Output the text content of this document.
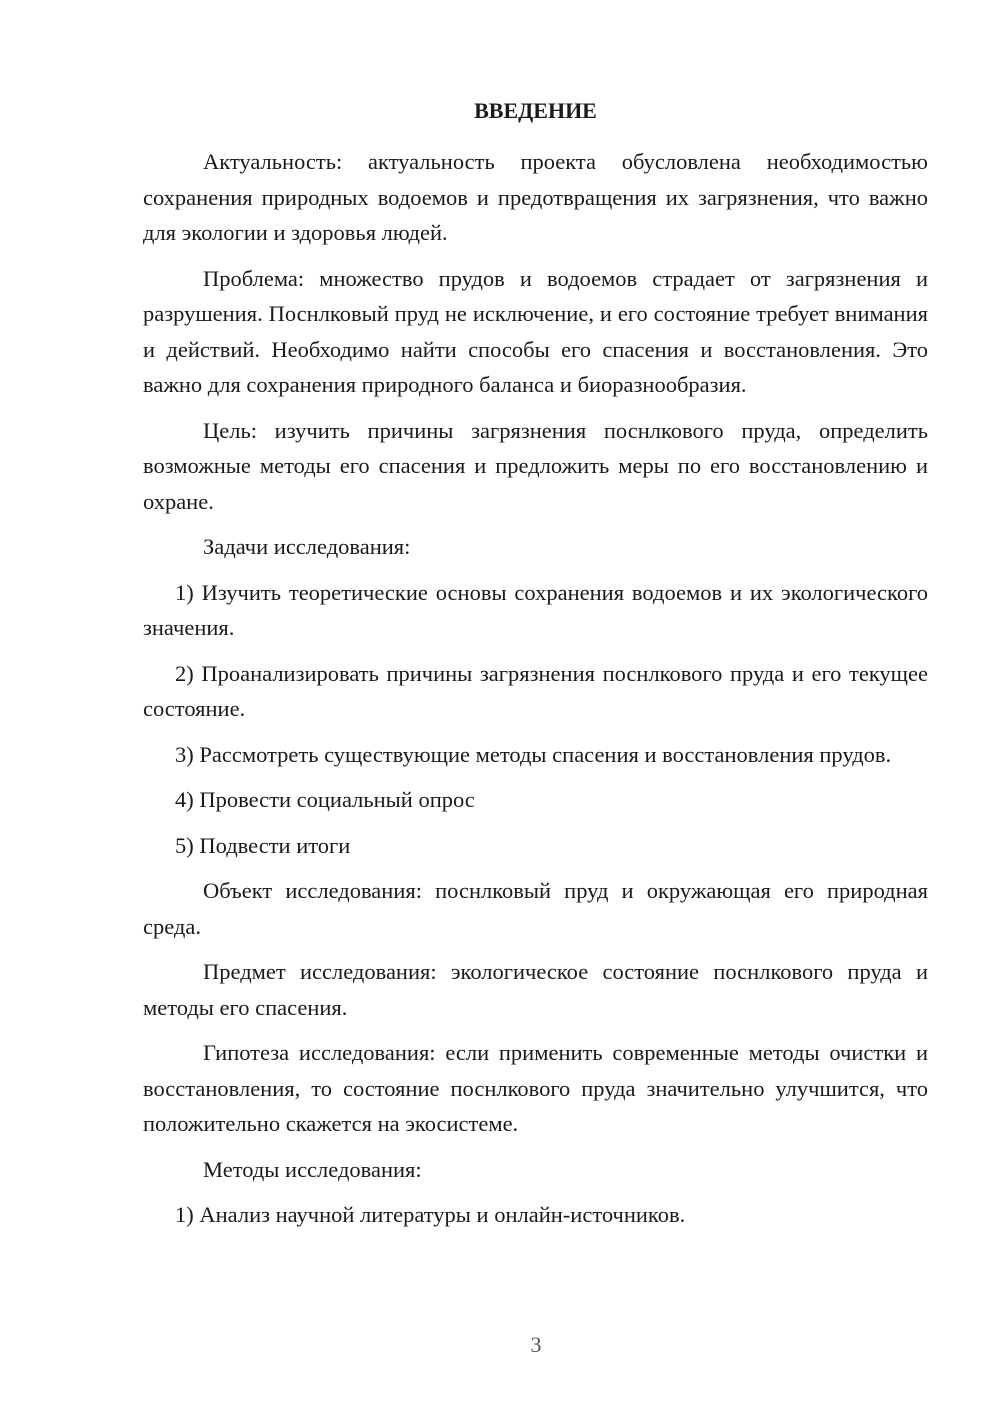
ВВЕДЕНИЕ

Актуальность: актуальность проекта обусловлена необходимостью сохранения природных водоемов и предотвращения их загрязнения, что важно для экологии и здоровья людей.

Проблема: множество прудов и водоемов страдает от загрязнения и разрушения. Поснлковый пруд не исключение, и его состояние требует внимания и действий. Необходимо найти способы его спасения и восстановления. Это важно для сохранения природного баланса и биоразнообразия.

Цель: изучить причины загрязнения поснлкового пруда, определить возможные методы его спасения и предложить меры по его восстановлению и охране.

Задачи исследования:

1) Изучить теоретические основы сохранения водоемов и их экологического значения.

2) Проанализировать причины загрязнения поснлкового пруда и его текущее состояние.

3) Рассмотреть существующие методы спасения и восстановления прудов.

4) Провести социальный опрос

5) Подвести итоги

Объект исследования: поснлковый пруд и окружающая его природная среда.

Предмет исследования: экологическое состояние поснлкового пруда и методы его спасения.

Гипотеза исследования: если применить современные методы очистки и восстановления, то состояние поснлкового пруда значительно улучшится, что положительно скажется на экосистеме.

Методы исследования:

1) Анализ научной литературы и онлайн-источников.

3
